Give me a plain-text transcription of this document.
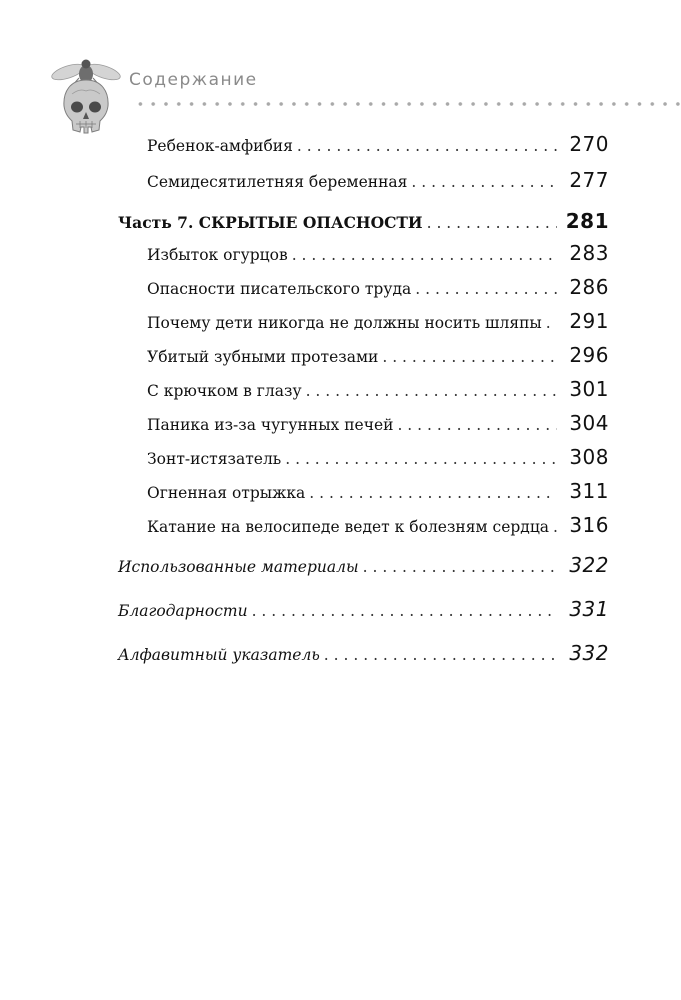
Содержание
Ребенок-амфибия . . .	270
Семидесятилетняя беременная . . .	277
Часть 7. СКРЫТЫЕ ОПАСНОСТИ . . .	281
Избыток огурцов . . .	283
Опасности писательского труда . . .	286
Почему дети никогда не должны носить шляпы . . . 291
Убитый зубными протезами . . .	296
С крючком в глазу . . .	301
Паника из-за чугунных печей . . .	304
Зонт-истязатель . . .	308
Огненная отрыжка . . .	311
Катание на велосипеде ведет к болезням сердца . . . 316
Использованные материалы . . .	322
Благодарности . . .	331
Алфавитный указатель . . .	332
